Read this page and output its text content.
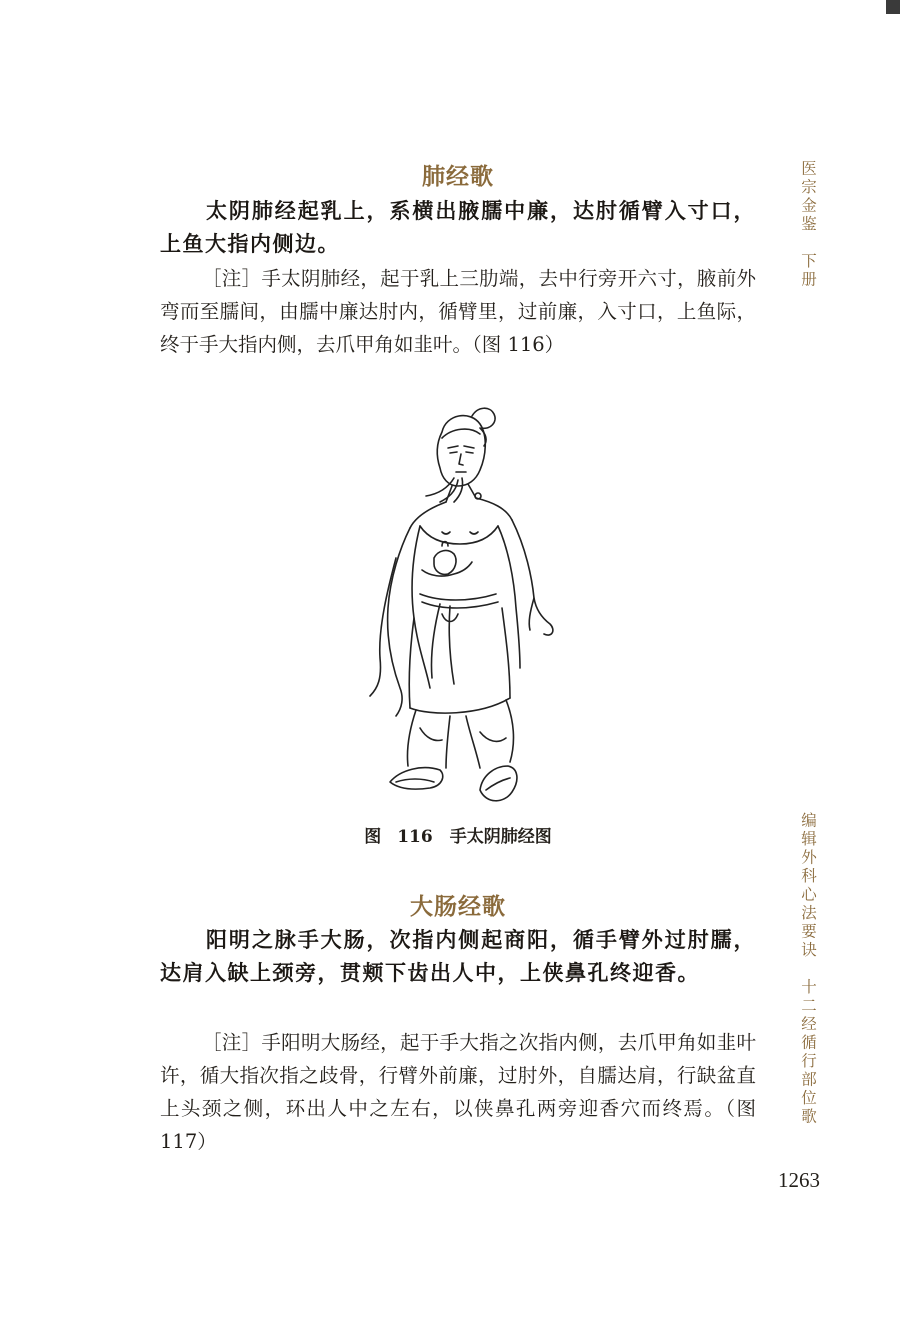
肺经歌

太阴肺经起乳上，系横出腋臑中廉，达肘循臂入寸口，上鱼大指内侧边。

［注］手太阴肺经，起于乳上三肋端，去中行旁开六寸，腋前外弯而至臑间，由臑中廉达肘内，循臂里，过前廉，入寸口，上鱼际，终于手大指内侧，去爪甲角如韭叶。（图 116）

图 116　手太阴肺经图
大肠经歌

阳明之脉手大肠，次指内侧起商阳，循手臂外过肘臑，达肩入缺上颈旁，贯颊下齿出人中，上侠鼻孔终迎香。

［注］手阳明大肠经，起于手大指之次指内侧，去爪甲角如韭叶许，循大指次指之歧骨，行臂外前廉，过肘外，自臑达肩，行缺盆直上头颈之侧，环出人中之左右，以侠鼻孔两旁迎香穴而终焉。（图 117）

医宗金鉴　下册
编辑外科心法要诀　十二经循行部位歌
1263
